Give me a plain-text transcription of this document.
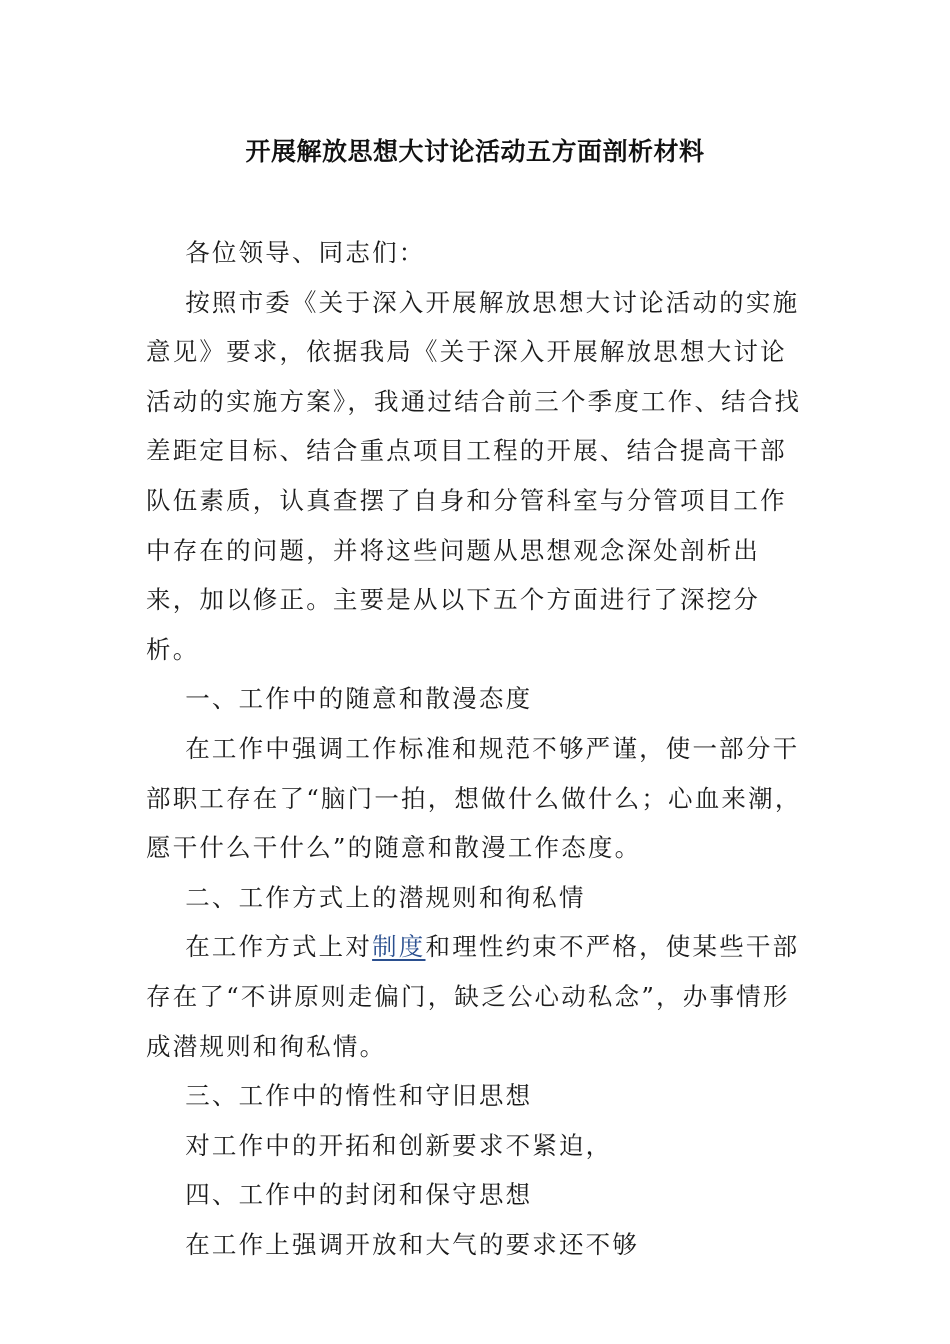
开展解放思想大讨论活动五方面剖析材料

各位领导、同志们：

按照市委《关于深入开展解放思想大讨论活动的实施意见》要求，依据我局《关于深入开展解放思想大讨论活动的实施方案》，我通过结合前三个季度工作、结合找差距定目标、结合重点项目工程的开展、结合提高干部队伍素质，认真查摆了自身和分管科室与分管项目工作中存在的问题，并将这些问题从思想观念深处剖析出来，加以修正。主要是从以下五个方面进行了深挖分析。

一、工作中的随意和散漫态度

在工作中强调工作标准和规范不够严谨，使一部分干部职工存在了“脑门一拍，想做什么做什么；心血来潮，愿干什么干什么”的随意和散漫工作态度。

二、工作方式上的潜规则和徇私情

在工作方式上对制度和理性约束不严格，使某些干部存在了“不讲原则走偏门，缺乏公心动私念”，办事情形成潜规则和徇私情。

三、工作中的惰性和守旧思想

对工作中的开拓和创新要求不紧迫，

四、工作中的封闭和保守思想

在工作上强调开放和大气的要求还不够
